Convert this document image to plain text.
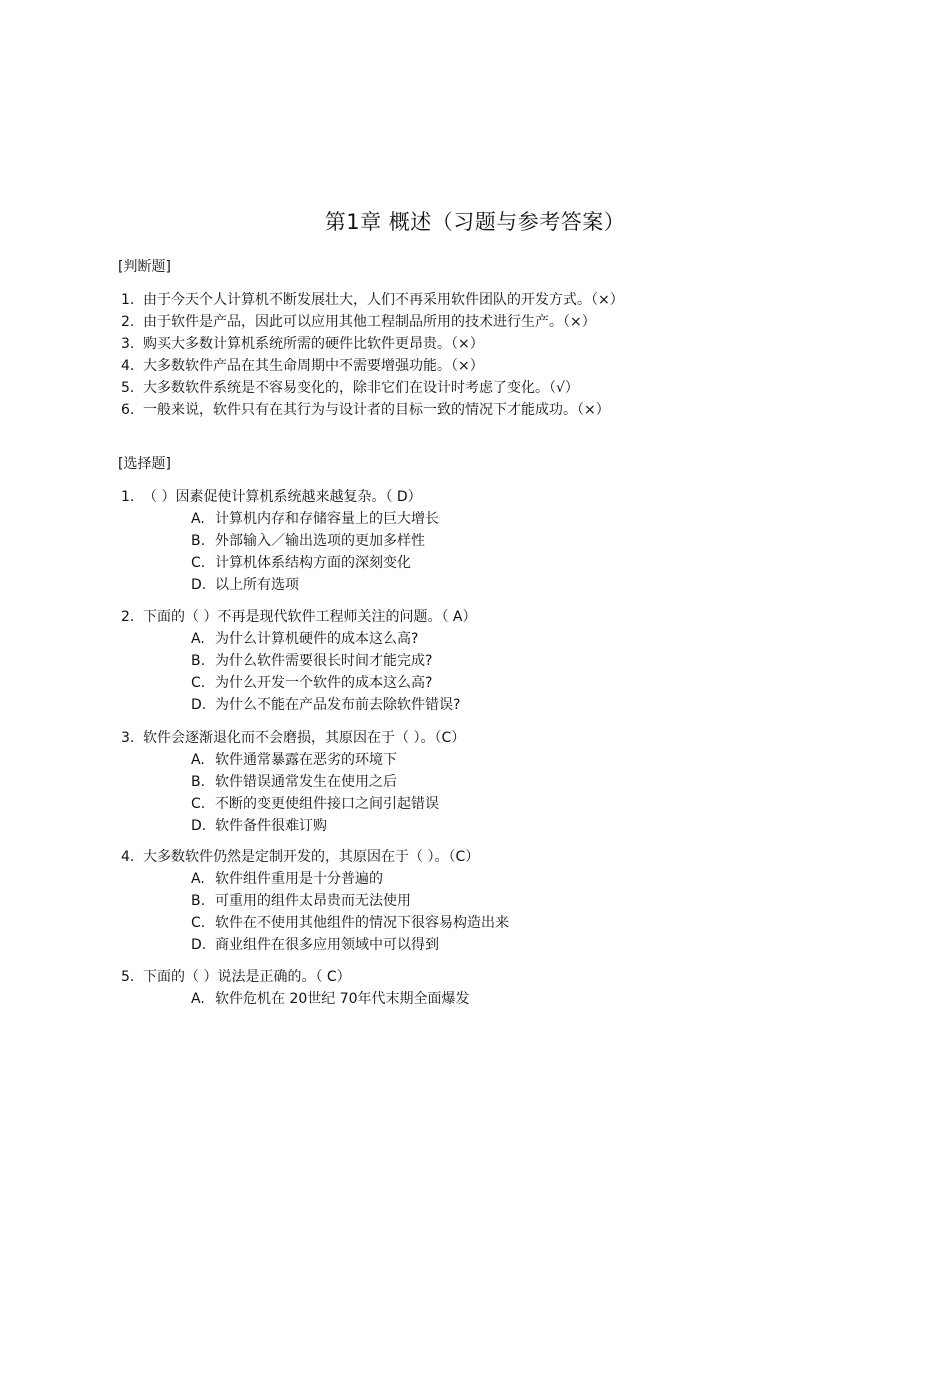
第1章 概述（习题与参考答案）
[判断题]
1. 由于今天个人计算机不断发展壮大，人们不再采用软件团队的开发方式。（×）
2. 由于软件是产品，因此可以应用其他工程制品所用的技术进行生产。（×）
3. 购买大多数计算机系统所需的硬件比软件更昂贵。（×）
4. 大多数软件产品在其生命周期中不需要增强功能。（×）
5. 大多数软件系统是不容易变化的，除非它们在设计时考虑了变化。（√）
6. 一般来说，软件只有在其行为与设计者的目标一致的情况下才能成功。（×）
[选择题]
1. （ ）因素促使计算机系统越来越复杂。（ D）
A. 计算机内存和存储容量上的巨大增长
B. 外部输入／输出选项的更加多样性
C. 计算机体系结构方面的深刻变化
D. 以上所有选项
2. 下面的（ ）不再是现代软件工程师关注的问题。（ A）
A. 为什么计算机硬件的成本这么高?
B. 为什么软件需要很长时间才能完成?
C. 为什么开发一个软件的成本这么高?
D. 为什么不能在产品发布前去除软件错误?
3. 软件会逐渐退化而不会磨损，其原因在于（ ）。（C）
A. 软件通常暴露在恶劣的环境下
B. 软件错误通常发生在使用之后
C. 不断的变更使组件接口之间引起错误
D. 软件备件很难订购
4. 大多数软件仍然是定制开发的，其原因在于（ ）。（C）
A. 软件组件重用是十分普遍的
B. 可重用的组件太昂贵而无法使用
C. 软件在不使用其他组件的情况下很容易构造出来
D. 商业组件在很多应用领域中可以得到
5. 下面的（ ）说法是正确的。（ C）
A. 软件危机在 20世纪 70年代末期全面爆发
